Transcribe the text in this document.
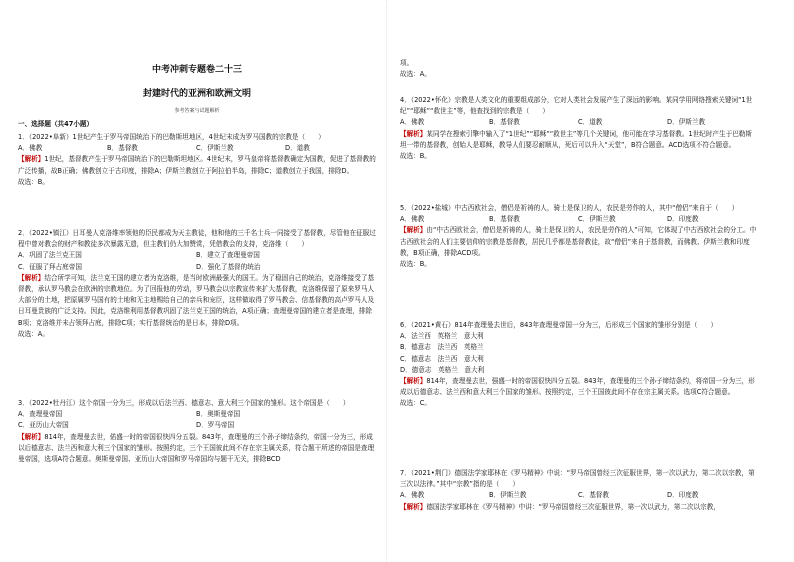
中考冲刺专题卷二十三
封建时代的亚洲和欧洲文明
参考答案与试题解析
一、选择题（共47小题）

1．（2022•阜新）1世纪产生于罗马帝国统治下的巴勒斯坦地区，4世纪末成为罗马国教的宗教是（　　）

A．佛教	B．基督教	C．伊斯兰教	D．道教

【解析】1世纪，基督教产生于罗马帝国统治下的巴勒斯坦地区。4世纪末，罗马皇帝将基督教确定为国教，促进了基督教的广泛传播，故B正确；佛教创立于古印度，排除A；伊斯兰教创立于阿拉伯半岛，排除C；道教创立于我国，排除D。

故选：B。

2．（2022•镇江）日耳曼人克洛维率领他的臣民都成为天主教徒，他和他的三千名士兵一同接受了基督教，尽管他在征服过程中曾对教会的财产和教徒多次暴露无遗，但主教们仍大加赞赏，凭借教会的支持，克洛维（　　）

A．巩固了法兰克王国	B．建立了查理曼帝国
C．征服了拜占庭帝国	D．强化了基督的统治

【解析】结合所学可知，法兰克王国的建立者为克洛维，是当时欧洲最强大的国王。为了稳固自己的统治，克洛维接受了基督教，承认罗马教会在欧洲的宗教地位。为了回报他的劳动，罗马教会以宗教宣传来扩大基督教，克洛维保留了原来罗马人大部分的土地，把原属罗马国有的土地和无主地赐给自己的亲兵和宠臣，这样做取得了罗马教会、信基督教的高卢罗马人及日耳曼贵族的广泛支持。因此，克洛维利用基督教巩固了法兰克王国的统治，A项正确；查理曼帝国的建立者是查理，排除B项；克洛维并未占领拜占庭，排除C项；实行基督统治的是日本，排除D项。

故选：A。

3．（2022•牡丹江）这个帝国一分为三，形成以后法兰西、德意志、意大利三个国家的雏形。这个帝国是（　　）

A．查理曼帝国	B．奥斯曼帝国
C．亚历山大帝国	D．罗马帝国

【解析】814年，查理曼去世，偌盛一时的帝国很快四分五裂。843年，查理曼的三个孙子缔结条约，帝国一分为三，形成以后德意志、法兰西和意大利三个国家的雏形。按照约定，三个王国彼此间不存在宗主属关系，符合题干所述的帝国是查理曼帝国，选项A符合题意。奥斯曼帝国、亚历山大帝国和罗马帝国均与题干无关，排除BCD

项。

故选：A。

4．（2022•怀化）宗教是人类文化的重要组成部分，它对人类社会发展产生了深远的影响。某同学用网络搜索关键词“1世纪”“耶稣”“救世主”等，他查找到的宗教是（　　）

A．佛教	B．基督教	C．道教	D．伊斯兰教

【解析】某同学在搜索引擎中输入了“1世纪”“耶稣”“救世主”等几个关键词，他可能在学习基督教。1世纪时产生于巴勒斯坦一带的基督教，创始人是耶稣，教导人们要忍耐顺从，死后可以升入“天堂”，B符合题意。ACD选项不符合题意。

故选：B。

5．（2022•盐城）中古西欧社会，僧侣是祈祷的人，骑士是保卫的人，农民是劳作的人，其中“僧侣”来自于（　　）

A．佛教	B．基督教	C．伊斯兰教	D．印度教

【解析】由“中古西欧社会，僧侣是祈祷的人，骑士是保卫的人，农民是劳作的人”可知，它体现了中古西欧社会的分工。中古西欧社会的人们主要信仰的宗教是基督教，居民几乎都是基督教徒，故“僧侣”来自于基督教，而佛教、伊斯兰教和印度教，B项正确，排除ACD项。

故选：B。

6．（2021•黄石）814年查理曼去世后，843年查理曼帝国一分为三，后形成三个国家的雏形分别是（　　）

A．法兰西　英格兰　意大利
B．德意志　法兰西　英格兰
C．德意志　法兰西　意大利
D．德意志　英格兰　意大利

【解析】814年，查理曼去世，强盛一时的帝国很快四分五裂。843年，查理曼的三个孙子缔结条约，将帝国一分为三，形成以后德意志、法兰西和意大利三个国家的雏形。按照约定，三个王国彼此间不存在宗主属关系。选项C符合题意。

故选：C。

7．（2021•荆门）德国法学家耶林在《罗马精神》中说：“罗马帝国曾经三次征服世界，第一次以武力，第二次以宗教，第三次以法律。”其中“宗教”指的是（　　）

A．佛教	B．伊斯兰教	C．基督教	D．印度教

【解析】德国法学家耶林在《罗马精神》中讲：“罗马帝国曾经三次征服世界，第一次以武力，第二次以宗教，
